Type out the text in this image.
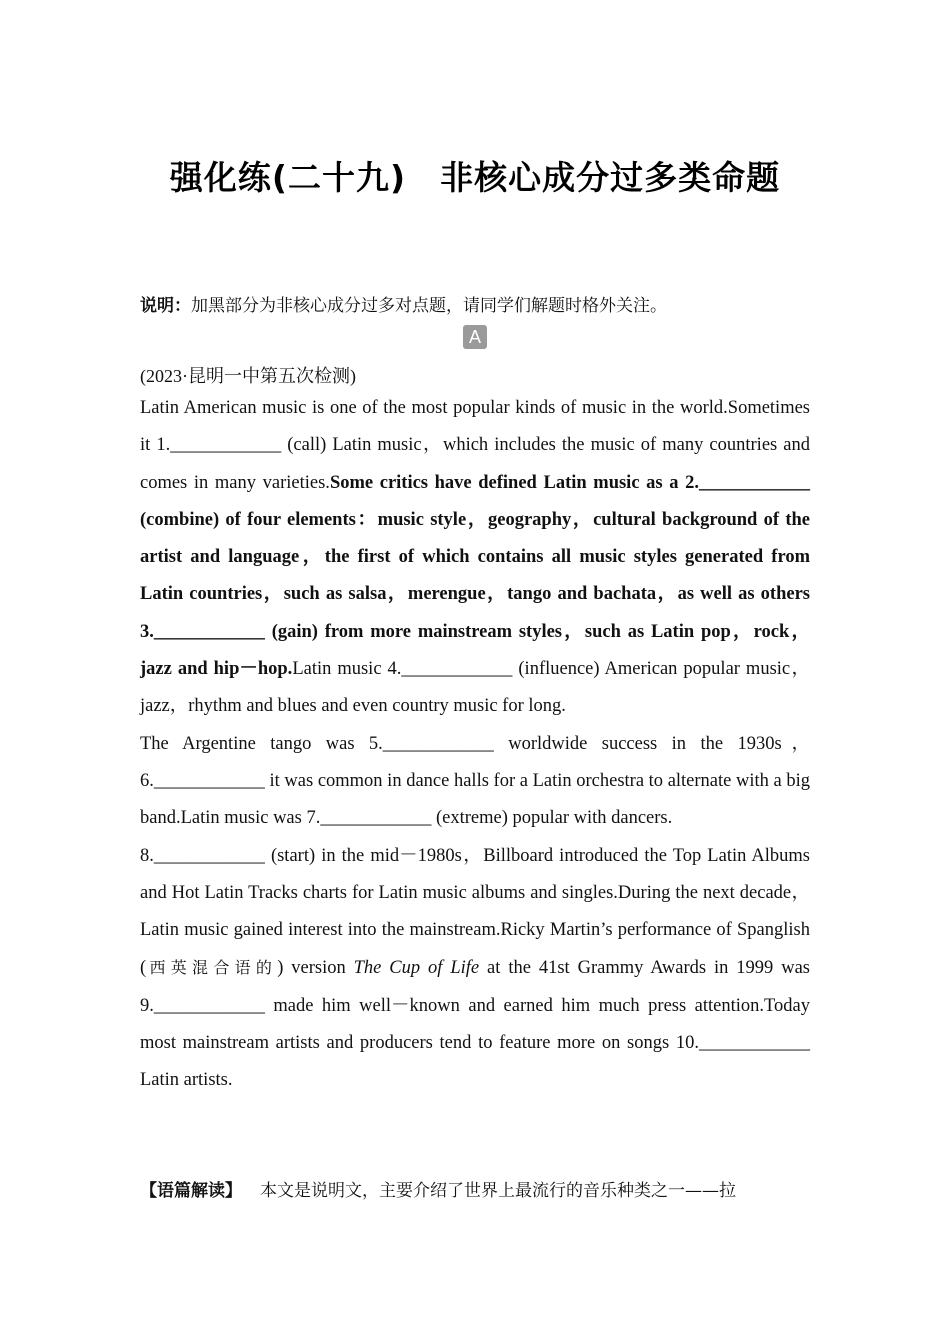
强化练(二十九) 非核心成分过多类命题
说明：加黑部分为非核心成分过多对点题，请同学们解题时格外关注。
A
(2023·昆明一中第五次检测)

Latin American music is one of the most popular kinds of music in the world.Sometimes it 1.____________ (call) Latin music，which includes the music of many countries and comes in many varieties.Some critics have defined Latin music as a 2.____________ (combine) of four elements：music style，geography，cultural background of the artist and language，the first of which contains all music styles generated from Latin countries，such as salsa，merengue，tango and bachata，as well as others 3.____________ (gain) from more mainstream styles，such as Latin pop，rock，jazz and hip－hop.Latin music 4.____________ (influence) American popular music，jazz，rhythm and blues and even country music for long.

The Argentine tango was 5.____________ worldwide success in the 1930s，6.____________ it was common in dance halls for a Latin orchestra to alternate with a big band.Latin music was 7.____________ (extreme) popular with dancers.

8.____________ (start) in the mid－1980s，Billboard introduced the Top Latin Albums and Hot Latin Tracks charts for Latin music albums and singles.During the next decade，Latin music gained interest into the mainstream.Ricky Martin’s performance of Spanglish (西英混合语的) version The Cup of Life at the 41st Grammy Awards in 1999 was 9.____________ made him well－known and earned him much press attention.Today most mainstream artists and producers tend to feature more on songs 10.____________ Latin artists.

【语篇解读】 本文是说明文，主要介绍了世界上最流行的音乐种类之一——拉
